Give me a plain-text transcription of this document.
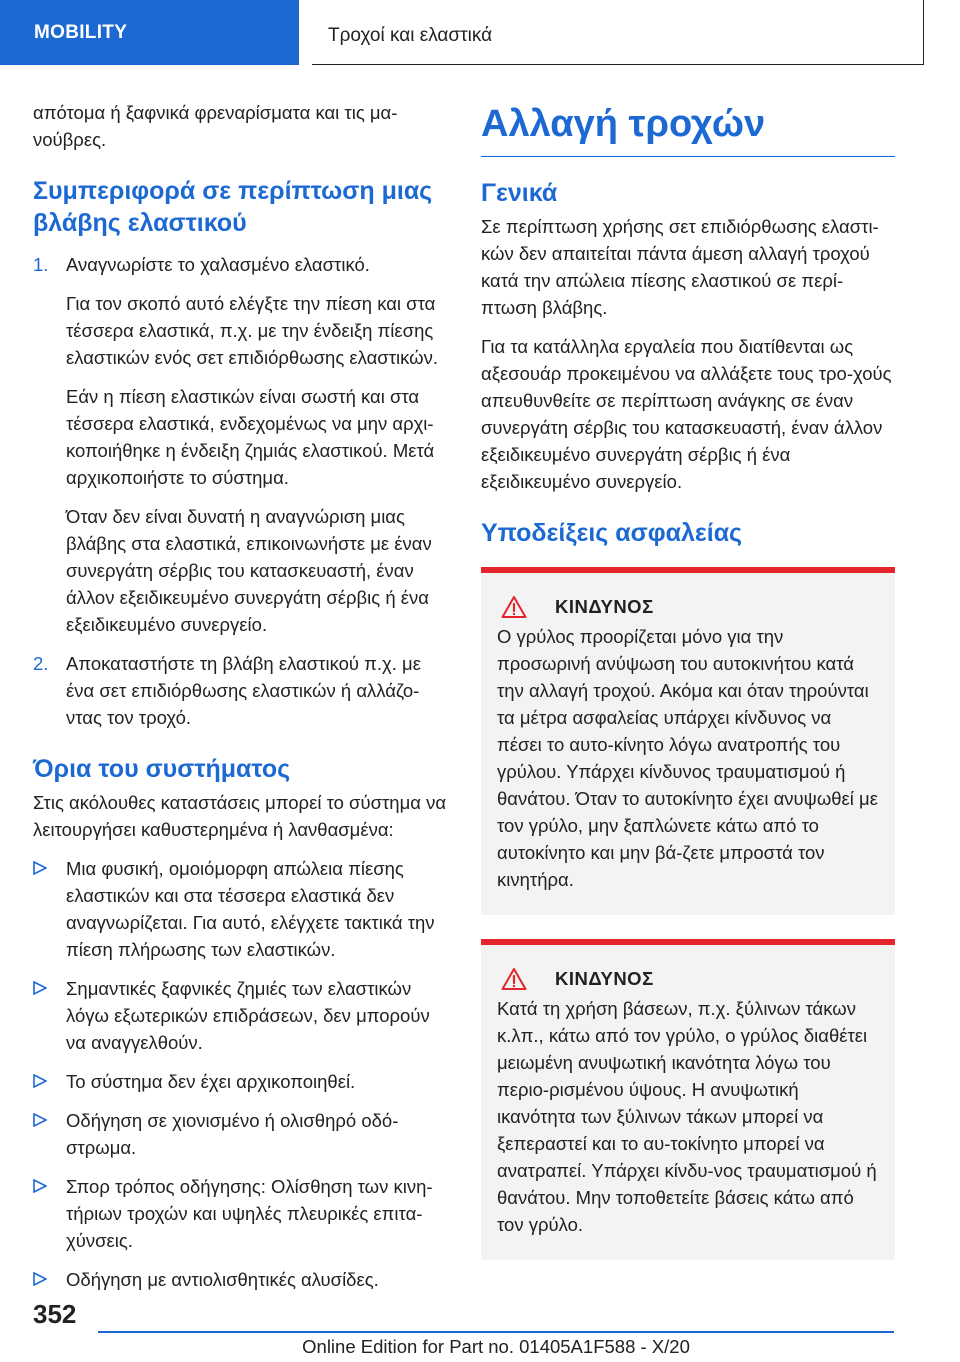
MOBILITY	Τροχοί και ελαστικά

απότομα ή ξαφνικά φρεναρίσματα και τις μα-νούβρες.

Συμπεριφορά σε περίπτωση μιας βλάβης ελαστικού
1. Αναγνωρίστε το χαλασμένο ελαστικό.

Για τον σκοπό αυτό ελέγξτε την πίεση και στα τέσσερα ελαστικά, π.χ. με την ένδειξη πίεσης ελαστικών ενός σετ επιδιόρθωσης ελαστικών.

Εάν η πίεση ελαστικών είναι σωστή και στα τέσσερα ελαστικά, ενδεχομένως να μην αρχι-κοποιήθηκε η ένδειξη ζημιάς ελαστικού. Μετά αρχικοποιήστε το σύστημα.

Όταν δεν είναι δυνατή η αναγνώριση μιας βλάβης στα ελαστικά, επικοινωνήστε με έναν συνεργάτη σέρβις του κατασκευαστή, έναν άλλον εξειδικευμένο συνεργάτη σέρβις ή ένα εξειδικευμένο συνεργείο.

2. Αποκαταστήστε τη βλάβη ελαστικού π.χ. με ένα σετ επιδιόρθωσης ελαστικών ή αλλάζο-ντας τον τροχό.

Όρια του συστήματος

Στις ακόλουθες καταστάσεις μπορεί το σύστημα να λειτουργήσει καθυστερημένα ή λανθασμένα:

Μια φυσική, ομοιόμορφη απώλεια πίεσης ελαστικών και στα τέσσερα ελαστικά δεν αναγνωρίζεται. Για αυτό, ελέγχετε τακτικά την πίεση πλήρωσης των ελαστικών.

Σημαντικές ξαφνικές ζημιές των ελαστικών λόγω εξωτερικών επιδράσεων, δεν μπορούν να αναγγελθούν.

Το σύστημα δεν έχει αρχικοποιηθεί.

Οδήγηση σε χιονισμένο ή ολισθηρό οδό-στρωμα.

Σπορ τρόπος οδήγησης: Ολίσθηση των κινη-τήριων τροχών και υψηλές πλευρικές επιτα-χύνσεις.

Οδήγηση με αντιολισθητικές αλυσίδες.

Αλλαγή τροχών
Γενικά

Σε περίπτωση χρήσης σετ επιδιόρθωσης ελαστι-κών δεν απαιτείται πάντα άμεση αλλαγή τροχού κατά την απώλεια πίεσης ελαστικού σε περί-πτωση βλάβης.

Για τα κατάλληλα εργαλεία που διατίθενται ως αξεσουάρ προκειμένου να αλλάξετε τους τρο-χούς απευθυνθείτε σε περίπτωση ανάγκης σε έναν συνεργάτη σέρβις του κατασκευαστή, έναν άλλον εξειδικευμένο συνεργάτη σέρβις ή ένα εξειδικευμένο συνεργείο.

Υποδείξεις ασφαλείας
ΚΙΝΔΥΝΟΣ

Ο γρύλος προορίζεται μόνο για την προσωρινή ανύψωση του αυτοκινήτου κατά την αλλαγή τροχού. Ακόμα και όταν τηρούνται τα μέτρα ασφαλείας υπάρχει κίνδυνος να πέσει το αυτο-κίνητο λόγω ανατροπής του γρύλου. Υπάρχει κίνδυνος τραυματισμού ή θανάτου. Όταν το αυτοκίνητο έχει ανυψωθεί με τον γρύλο, μην ξαπλώνετε κάτω από το αυτοκίνητο και μην βά-ζετε μπροστά τον κινητήρα.

ΚΙΝΔΥΝΟΣ

Κατά τη χρήση βάσεων, π.χ. ξύλινων τάκων κ.λπ., κάτω από τον γρύλο, ο γρύλος διαθέτει μειωμένη ανυψωτική ικανότητα λόγω του περιο-ρισμένου ύψους. Η ανυψωτική ικανότητα των ξύλινων τάκων μπορεί να ξεπεραστεί και το αυ-τοκίνητο μπορεί να ανατραπεί. Υπάρχει κίνδυ-νος τραυματισμού ή θανάτου. Μην τοποθετείτε βάσεις κάτω από τον γρύλο.

352
Online Edition for Part no. 01405A1F588 - X/20
